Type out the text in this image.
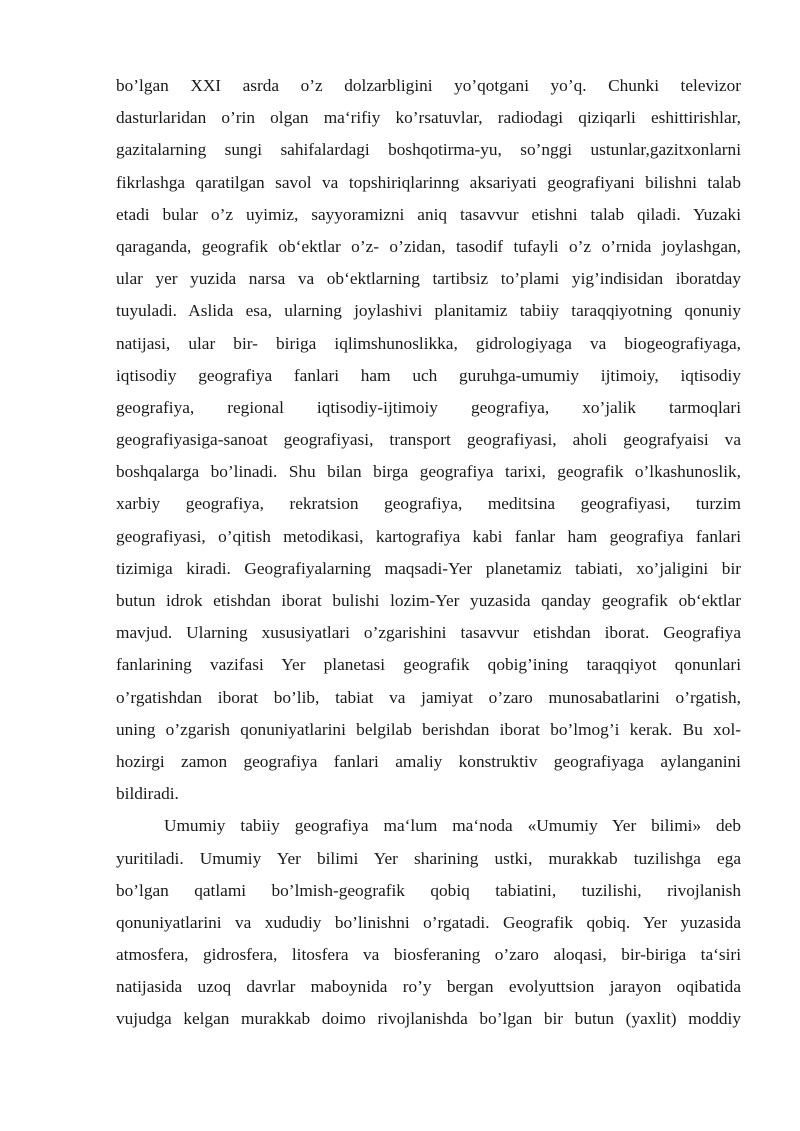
bo’lgan XXI asrda o’z dolzarbligini yo’qotgani yo’q. Chunki televizor
dasturlaridan o’rin olgan ma‘rifiy ko’rsatuvlar, radiodagi qiziqarli eshittirishlar,
gazitalarning sungi sahifalardagi boshqotirma-yu, so’nggi ustunlar,gazitxonlarni
fikrlashga qaratilgan savol va topshiriqlarinng aksariyati geografiyani bilishni talab
etadi bular o’z uyimiz, sayyoramizni aniq tasavvur etishni talab qiladi. Yuzaki
qaraganda, geografik ob‘ektlar o’z- o’zidan, tasodif tufayli o’z o’rnida joylashgan,
ular yer yuzida narsa va ob‘ektlarning tartibsiz to’plami yig’indisidan iboratday
tuyuladi. Aslida esa, ularning joylashivi planitamiz tabiiy taraqqiyotning qonuniy
natijasi, ular bir- biriga iqlimshunoslikka, gidrologiyaga va biogeografiyaga,
iqtisodiy geografiya fanlari ham uch guruhga-umumiy ijtimoiy, iqtisodiy
geografiya, regional iqtisodiy-ijtimoiy geografiya, xo’jalik tarmoqlari
geografiyasiga-sanoat geografiyasi, transport geografiyasi, aholi geografyaisi va
boshqalarga bo’linadi. Shu bilan birga geografiya tarixi, geografik o’lkashunoslik,
xarbiy geografiya, rekratsion geografiya, meditsina geografiyasi, turzim
geografiyasi, o’qitish metodikasi, kartografiya kabi fanlar ham geografiya fanlari
tizimiga kiradi. Geografiyalarning maqsadi-Yer planetamiz tabiati, xo’jaligini bir
butun idrok etishdan iborat bulishi lozim-Yer yuzasida qanday geografik ob‘ektlar
mavjud. Ularning xususiyatlari o’zgarishini tasavvur etishdan iborat. Geografiya
fanlarining vazifasi Yer planetasi geografik qobig’ining taraqqiyot qonunlari
o’rgatishdan iborat bo’lib, tabiat va jamiyat o’zaro munosabatlarini o’rgatish,
uning o’zgarish qonuniyatlarini belgilab berishdan iborat bo’lmog’i kerak. Bu xol-
hozirgi zamon geografiya fanlari amaliy konstruktiv geografiyaga aylanganini
bildiradi.
Umumiy tabiiy geografiya ma‘lum ma‘noda «Umumiy Yer bilimi» deb
yuritiladi. Umumiy Yer bilimi Yer sharining ustki, murakkab tuzilishga ega
bo’lgan qatlami bo’lmish-geografik qobiq tabiatini, tuzilishi, rivojlanish
qonuniyatlarini va xududiy bo’linishni o’rgatadi. Geografik qobiq. Yer yuzasida
atmosfera, gidrosfera, litosfera va biosferaning o’zaro aloqasi, bir-biriga ta‘siri
natijasida uzoq davrlar maboynida ro’y bergan evolyuttsion jarayon oqibatida
vujudga kelgan murakkab doimo rivojlanishda bo’lgan bir butun (yaxlit) moddiy
